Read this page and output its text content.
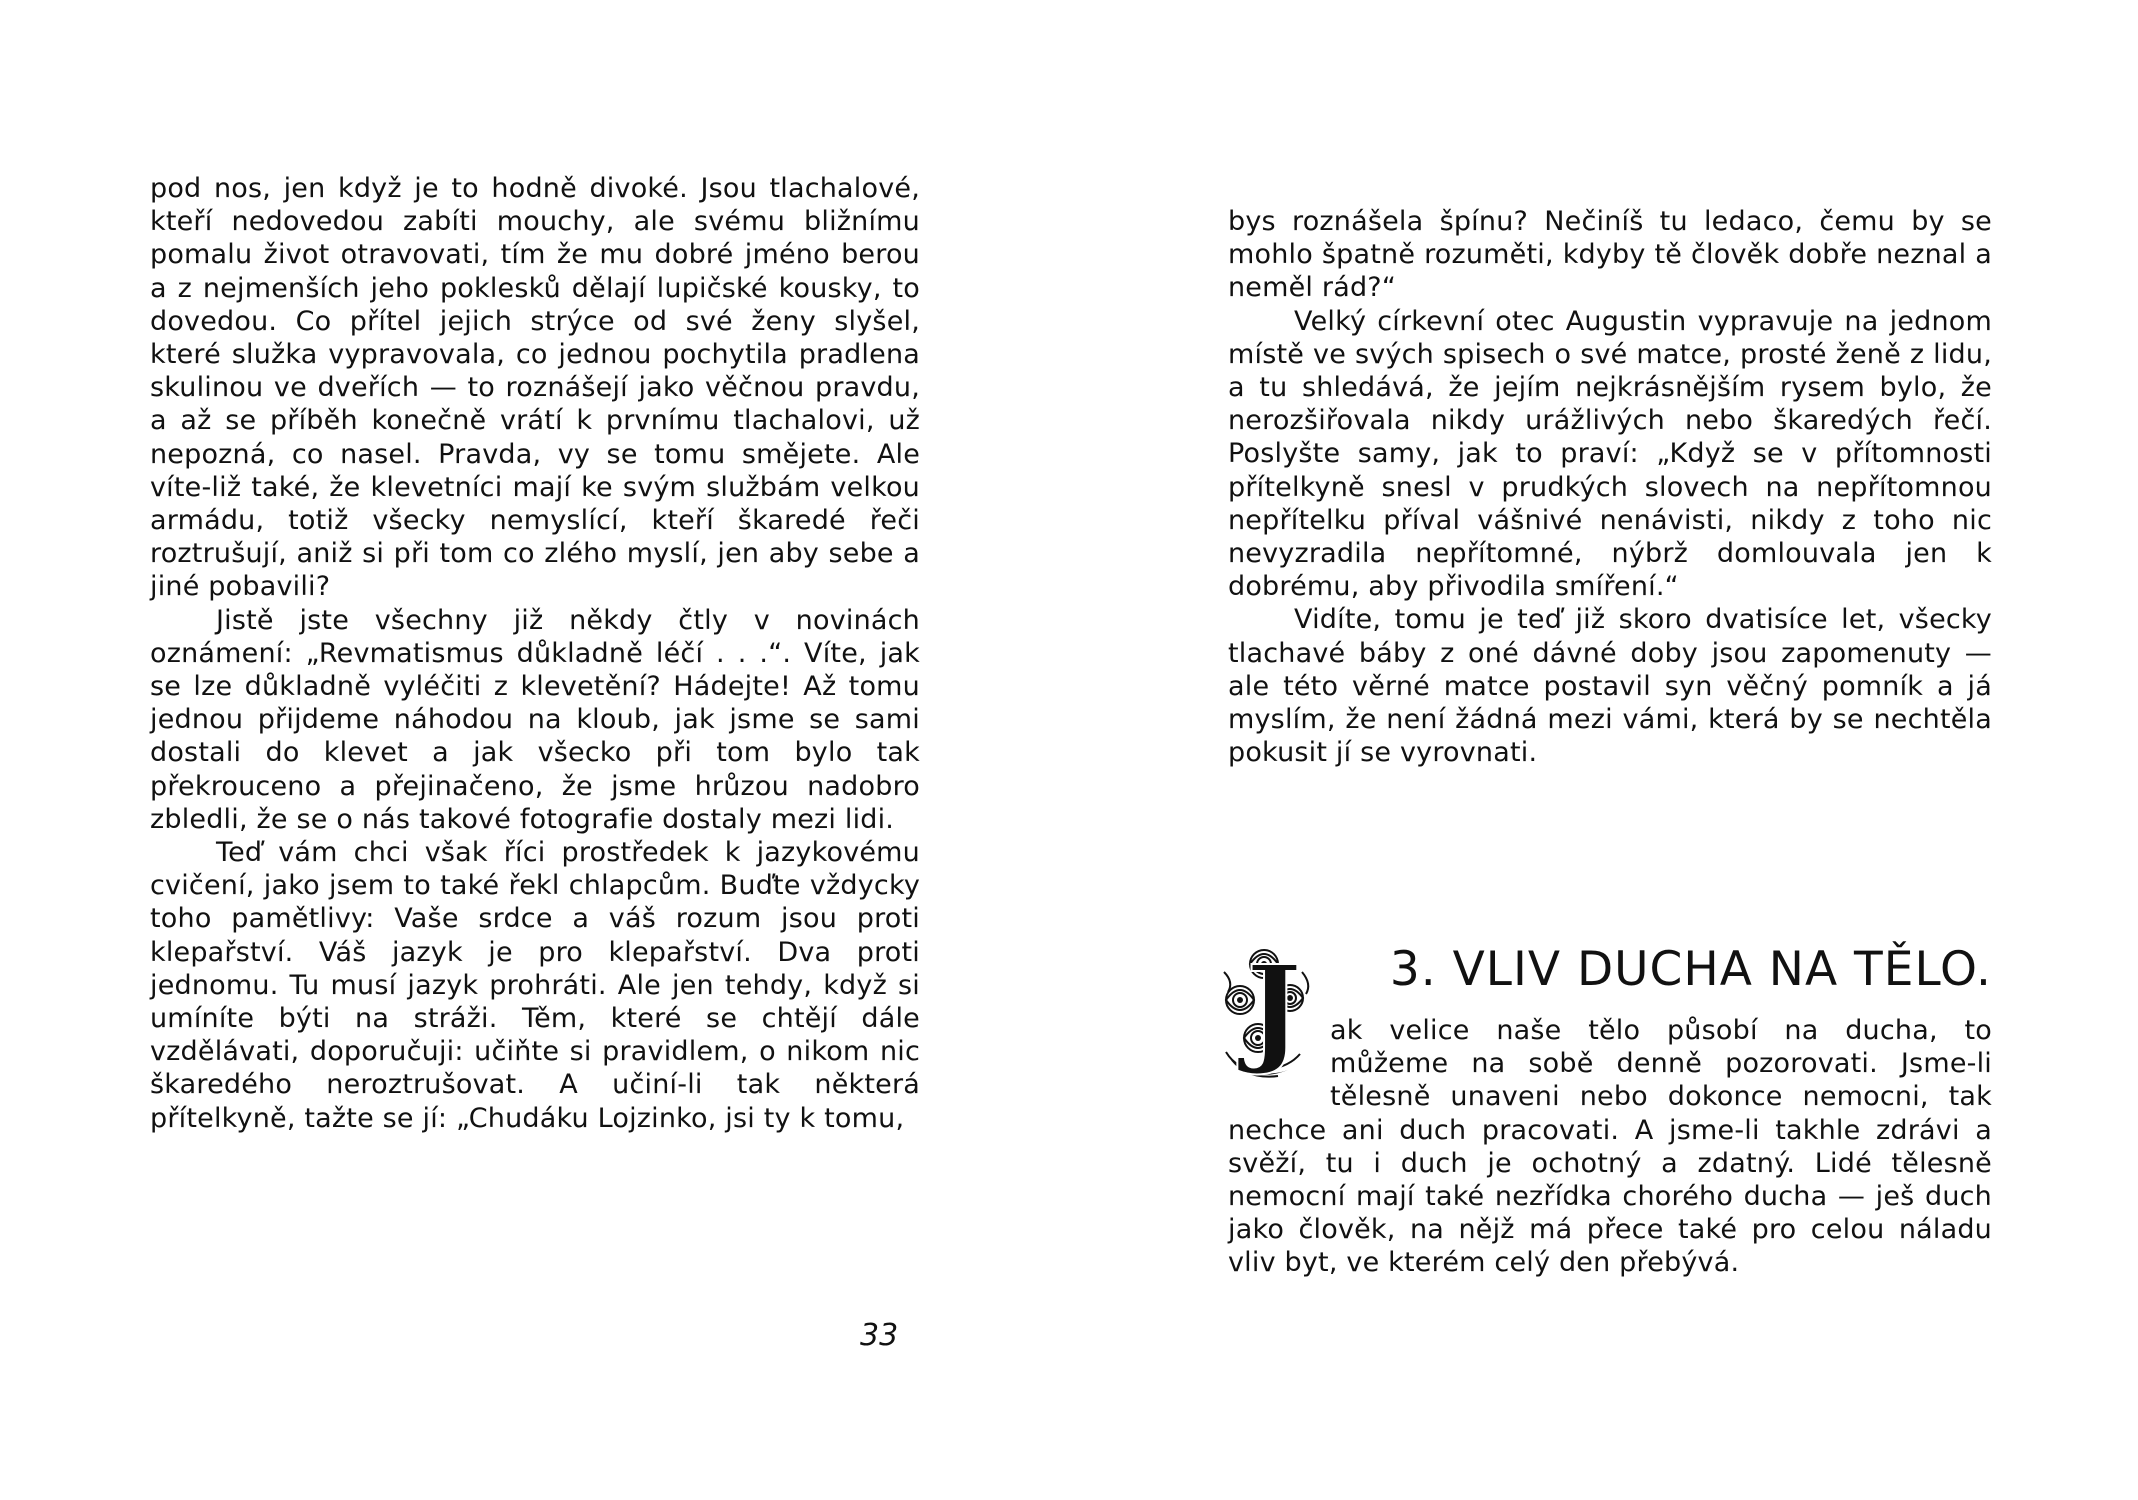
pod nos, jen když je to hodně divoké. Jsou tlachalové, kteří nedovedou zabíti mouchy, ale svému bližnímu pomalu život otravovati, tím že mu dobré jméno berou a z nejmenších jeho poklesků dělají lupičské kousky, to dovedou. Co přítel jejich strýce od své ženy slyšel, které služka vypravovala, co jednou pochytila pradlena skulinou ve dveřích — to roznášejí jako věčnou pravdu, a až se příběh konečně vrátí k prvnímu tlachalovi, už nepozná, co nasel. Pravda, vy se tomu smějete. Ale víte-liž také, že klevetníci mají ke svým službám velkou armádu, totiž všecky nemyslící, kteří škaredé řeči roztrušují, aniž si při tom co zlého myslí, jen aby sebe a jiné pobavili?

Jistě jste všechny již někdy čtly v novinách oznámení: „Revmatismus důkladně léčí . . .“. Víte, jak se lze důkladně vyléčiti z klevetění? Hádejte! Až tomu jednou přijdeme náhodou na kloub, jak jsme se sami dostali do klevet a jak všecko při tom bylo tak překrouceno a přejinačeno, že jsme hrůzou nadobro zbledli, že se o nás takové fotografie dostaly mezi lidi.

Teď vám chci však říci prostředek k jazykovému cvičení, jako jsem to také řekl chlapcům. Buďte vždycky toho pamětlivy: Vaše srdce a váš rozum jsou proti klepařství. Váš jazyk je pro klepařství. Dva proti jednomu. Tu musí jazyk prohráti. Ale jen tehdy, když si umíníte býti na stráži. Těm, které se chtějí dále vzdělávati, doporučuji: učiňte si pravidlem, o nikom nic škaredého neroztrušovat. A učiní-li tak některá přítelkyně, tažte se jí: „Chudáku Lojzinko, jsi ty k tomu,

33

bys roznášela špínu? Nečiníš tu ledaco, čemu by se mohlo špatně rozuměti, kdyby tě člověk dobře neznal a neměl rád?“

Velký církevní otec Augustin vypravuje na jednom místě ve svých spisech o své matce, prosté ženě z lidu, a tu shledává, že jejím nejkrásnějším rysem bylo, že nerozšiřovala nikdy urážlivých nebo škaredých řečí. Poslyšte samy, jak to praví: „Když se v přítomnosti přítelkyně snesl v prudkých slovech na nepřítomnou nepřítelku příval vášnivé nenávisti, nikdy z toho nic nevyzradila nepřítomné, nýbrž domlouvala jen k dobrému, aby přivodila smíření.“

Vidíte, tomu je teď již skoro dvatisíce let, všecky tlachavé báby z oné dávné doby jsou zapomenuty — ale této věrné matce postavil syn věčný pomník a já myslím, že není žádná mezi vámi, která by se nechtěla pokusit jí se vyrovnati.

3. VLIV DUCHA NA TĚLO.

J ak velice naše tělo působí na ducha, to můžeme na sobě denně pozorovati. Jsme-li tělesně unaveni nebo dokonce nemocni, tak nechce ani duch pracovati. A jsme-li takhle zdrávi a svěží, tu i duch je ochotný a zdatný. Lidé tělesně nemocní mají také nezřídka chorého ducha — ješ duch jako člověk, na nějž má přece také pro celou náladu vliv byt, ve kterém celý den přebývá.
